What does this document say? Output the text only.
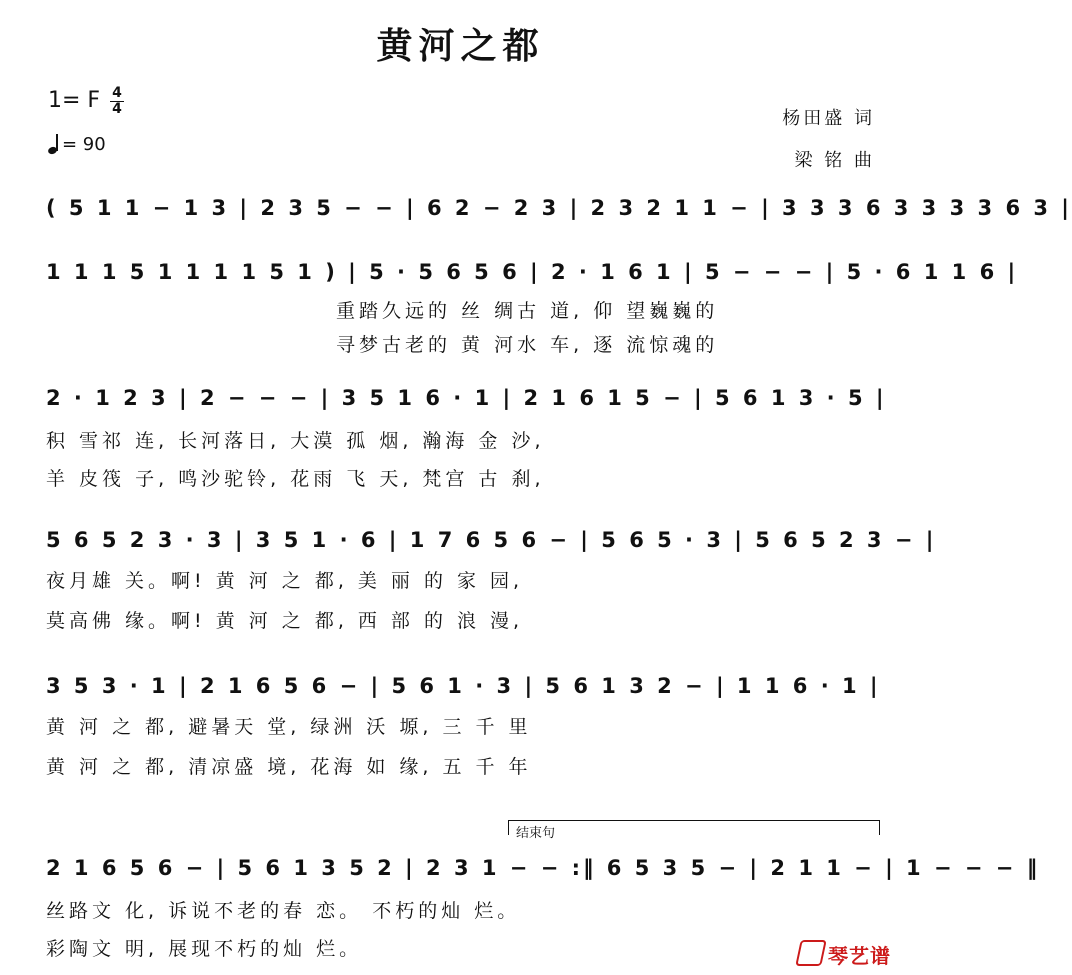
黄河之都
1= F 4
4
= 90
杨田盛 词
梁 铭 曲
( 5 1 1 − 1 3 | 2 3 5 − − | 6 2 − 2 3 | 2 3 2 1 1 − | 3 3 3 6 3 3 3 3 6 3 |
1 1 1 5 1 1 1 1 5 1 ) | 5 · 5 6 5 6 | 2 · 1 6 1 | 5 − − − | 5 · 6 1 1 6 |
重踏久远的 丝 绸古 道, 仰 望巍巍的
寻梦古老的 黄 河水 车, 逐 流惊魂的
2 · 1 2 3 | 2 − − − | 3 5 1 6 · 1 | 2 1 6 1 5 − | 5 6 1 3 · 5 |
积 雪祁 连, 长河落日, 大漠 孤 烟, 瀚海 金 沙,
羊 皮筏 子, 鸣沙驼铃, 花雨 飞 天, 梵宫 古 刹,
5 6 5 2 3 · 3 | 3 5 1 · 6 | 1 7 6 5 6 − | 5 6 5 · 3 | 5 6 5 2 3 − |
夜月雄 关。啊! 黄 河 之 都, 美 丽 的 家 园,
莫高佛 缘。啊! 黄 河 之 都, 西 部 的 浪 漫,
3 5 3 · 1 | 2 1 6 5 6 − | 5 6 1 · 3 | 5 6 1 3 2 − | 1 1 6 · 1 |
黄 河 之 都, 避暑天 堂, 绿洲 沃 塬, 三 千 里
黄 河 之 都, 清凉盛 境, 花海 如 缘, 五 千 年
结束句
2 1 6 5 6 − | 5 6 1 3 5 2 | 2 3 1 − − :‖ 6 5 3 5 − | 2 1 1 − | 1 − − − ‖
丝路文 化, 诉说不老的春 恋。 不朽的灿 烂。
彩陶文 明, 展现不朽的灿 烂。	琴艺谱
